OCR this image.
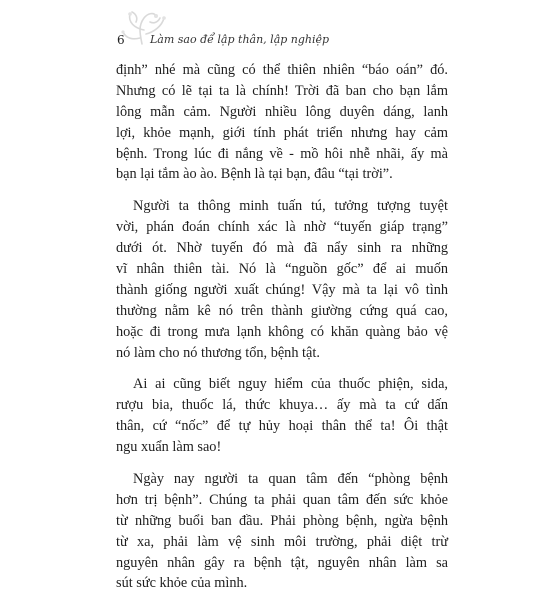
6 Làm sao để lập thân, lập nghiệp
định” nhé mà cũng có thể thiên nhiên “báo oán” đó.
Nhưng có lẽ tại ta là chính! Trời đã ban cho bạn lắm
lông mẫn cảm. Người nhiều lông duyên dáng, lanh
lợi, khỏe mạnh, giới tính phát triển nhưng hay cảm
bệnh. Trong lúc đi nắng về - mồ hôi nhễ nhãi, ấy mà
bạn lại tắm ào ào. Bệnh là tại bạn, đâu “tại trời”.
Người ta thông minh tuấn tú, tưởng tượng tuyệt
vời, phán đoán chính xác là nhờ “tuyến giáp trạng”
dưới ót. Nhờ tuyến đó mà đã nẩy sinh ra những
vĩ nhân thiên tài. Nó là “nguồn gốc” để ai muốn
thành giống người xuất chúng! Vậy mà ta lại vô tình
thường nằm kê nó trên thành giường cứng quá cao,
hoặc đi trong mưa lạnh không có khăn quàng bảo vệ
nó làm cho nó thương tổn, bệnh tật.
Ai ai cũng biết nguy hiểm của thuốc phiện, sida,
rượu bia, thuốc lá, thức khuya… ấy mà ta cứ dấn
thân, cứ “nốc” để tự hủy hoại thân thể ta! Ôi thật
ngu xuẩn làm sao!
Ngày nay người ta quan tâm đến “phòng bệnh
hơn trị bệnh”. Chúng ta phải quan tâm đến sức khỏe
từ những buổi ban đầu. Phải phòng bệnh, ngừa bệnh
từ xa, phải làm vệ sinh môi trường, phải diệt trừ
nguyên nhân gây ra bệnh tật, nguyên nhân làm sa
sút sức khỏe của mình.
